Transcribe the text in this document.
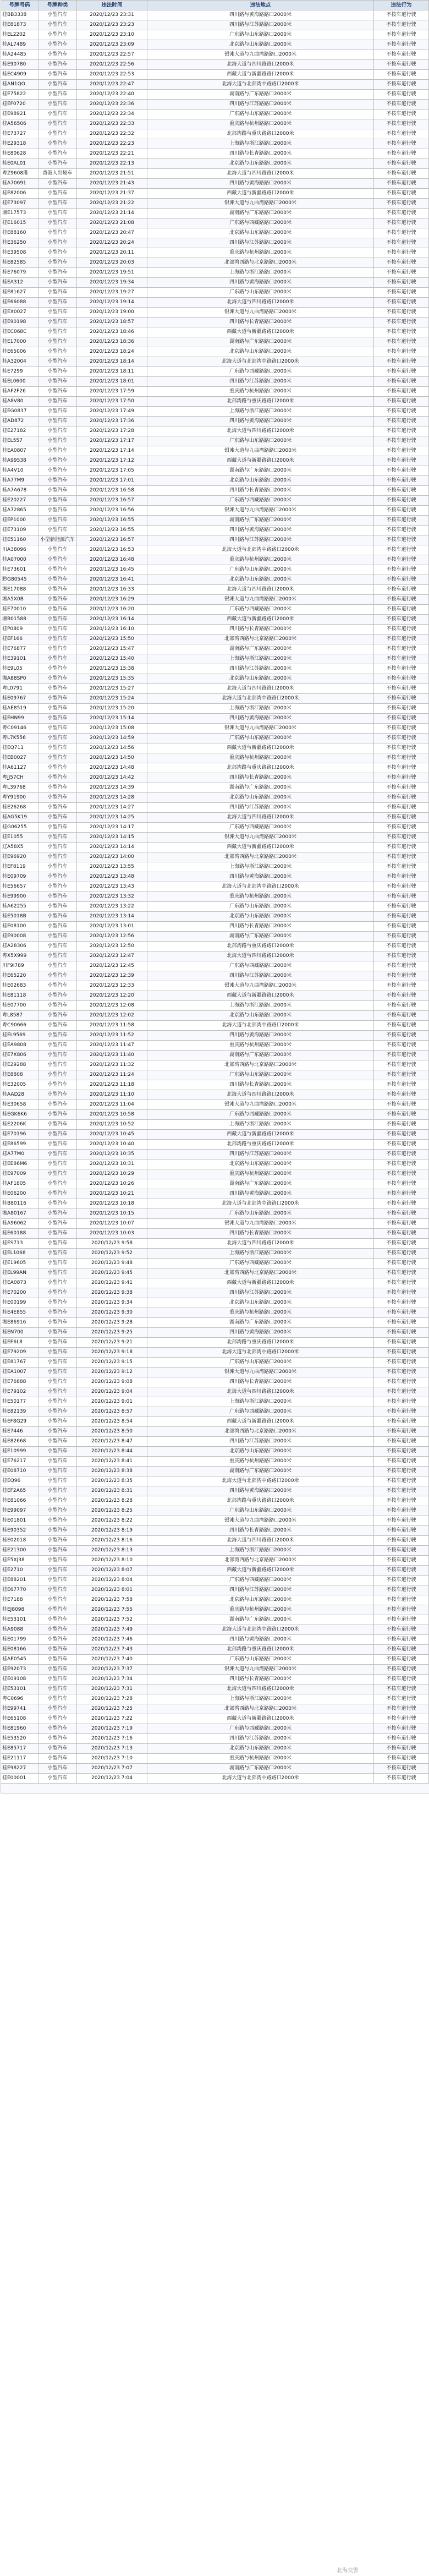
号牌号码	号牌种类	违法时间	违法地点	违法行为
桂BB3338	小型汽车	2020/12/23 23:31	四川路与黄海路路口2000米	不按车道行驶
桂E81873	小型汽车	2020/12/23 23:23	四川路与江苏路路口2000米	不按车道行驶
桂EL2202	小型汽车	2020/12/23 23:10	广东路与山东路路口2000米	不按车道行驶
桂AL7489	小型汽车	2020/12/23 23:09	北京路与山东路路口2000米	不按车道行驶
桂A24485	小型汽车	2020/12/23 22:57	银滩大道与九曲湾路路口2000米	不按车道行驶
桂E90780	小型汽车	2020/12/23 22:56	北海大道与四川路路口2000米	不按车道行驶
桂EC4909	小型汽车	2020/12/23 22:53	西藏大道与新疆路路口2000米	不按车道行驶
桂AN1QO	小型汽车	2020/12/23 22:47	北海大道与北部湾中路路口2000米	不按车道行驶
桂E75822	小型汽车	2020/12/23 22:40	湖南路与广东路路口2000米	不按车道行驶
桂EF0720	小型汽车	2020/12/23 22:36	四川路与江苏路路口2000米	不按车道行驶
桂E98921	小型汽车	2020/12/23 22:34	广东路与山东路路口2000米	不按车道行驶
桂A56506	小型汽车	2020/12/23 22:33	重庆路与杭州路路口2000米	不按车道行驶
桂E73727	小型汽车	2020/12/23 22:32	北部湾路与重庆路路口2000米	不按车道行驶
桂E29318	小型汽车	2020/12/23 22:23	上海路与浙江路路口2000米	不按车道行驶
桂E80628	小型汽车	2020/12/23 22:21	四川路与长青路路口2000米	不按车道行驶
桂E0AL01	小型汽车	2020/12/23 22:13	北京路与山东路路口2000米	不按车道行驶
粤Z9608港	香港入出境车	2020/12/23 21:51	北海大道与四川路路口2000米	不按车道行驶
桂A70691	小型汽车	2020/12/23 21:43	四川路与黄海路路口2000米	不按车道行驶
桂E82006	小型汽车	2020/12/23 21:37	西藏大道与新疆路路口2000米	不按车道行驶
桂E73097	小型汽车	2020/12/23 21:22	银滩大道与九曲湾路路口2000米	不按车道行驶
湘E17573	小型汽车	2020/12/23 21:14	湖南路与广东路路口2000米	不按车道行驶
桂E16015	小型汽车	2020/12/23 21:08	广东路与西藏路路口2000米	不按车道行驶
桂E88160	小型汽车	2020/12/23 20:47	北京路与山东路路口2000米	不按车道行驶
桂E36250	小型汽车	2020/12/23 20:24	四川路与江苏路路口2000米	不按车道行驶
桂E39508	小型汽车	2020/12/23 20:11	重庆路与杭州路路口2000米	不按车道行驶
桂E82585	小型汽车	2020/12/23 20:03	北部湾西路与北京路路口2000米	不按车道行驶
桂E76079	小型汽车	2020/12/23 19:51	上海路与浙江路路口2000米	不按车道行驶
桂EA312	小型汽车	2020/12/23 19:34	四川路与黄海路路口2000米	不按车道行驶
桂E81627	小型汽车	2020/12/23 19:27	广东路与山东路路口2000米	不按车道行驶
桂E66088	小型汽车	2020/12/23 19:14	北海大道与四川路路口2000米	不按车道行驶
桂EX0027	小型汽车	2020/12/23 19:00	银滩大道与九曲湾路路口2000米	不按车道行驶
桂E90198	小型汽车	2020/12/23 18:57	四川路与长青路路口2000米	不按车道行驶
桂EC068C	小型汽车	2020/12/23 18:46	西藏大道与新疆路路口2000米	不按车道行驶
桂E17000	小型汽车	2020/12/23 18:36	湖南路与广东路路口2000米	不按车道行驶
桂E65006	小型汽车	2020/12/23 18:24	北京路与山东路路口2000米	不按车道行驶
桂A32004	小型汽车	2020/12/23 18:14	北海大道与北部湾中路路口2000米	不按车道行驶
桂E7299	小型汽车	2020/12/23 18:11	广东路与西藏路路口2000米	不按车道行驶
桂EL0600	小型汽车	2020/12/23 18:01	四川路与江苏路路口2000米	不按车道行驶
桂AF2F26	小型汽车	2020/12/23 17:59	重庆路与杭州路路口2000米	不按车道行驶
桂A8V80	小型汽车	2020/12/23 17:50	北部湾路与重庆路路口2000米	不按车道行驶
桂EG0837	小型汽车	2020/12/23 17:49	上海路与浙江路路口2000米	不按车道行驶
桂AD872	小型汽车	2020/12/23 17:36	四川路与黄海路路口2000米	不按车道行驶
桂E27182	小型汽车	2020/12/23 17:28	北海大道与四川路路口2000米	不按车道行驶
桂EL557	小型汽车	2020/12/23 17:17	广东路与山东路路口2000米	不按车道行驶
桂EA0807	小型汽车	2020/12/23 17:14	银滩大道与九曲湾路路口2000米	不按车道行驶
桂A99538	小型汽车	2020/12/23 17:12	西藏大道与新疆路路口2000米	不按车道行驶
桂A4V10	小型汽车	2020/12/23 17:05	湖南路与广东路路口2000米	不按车道行驶
桂A77M9	小型汽车	2020/12/23 17:01	北京路与山东路路口2000米	不按车道行驶
桂A7A678	小型汽车	2020/12/23 16:58	四川路与长青路路口2000米	不按车道行驶
桂E20227	小型汽车	2020/12/23 16:57	广东路与西藏路路口2000米	不按车道行驶
桂A72865	小型汽车	2020/12/23 16:56	银滩大道与九曲湾路路口2000米	不按车道行驶
桂EP1000	小型汽车	2020/12/23 16:55	湖南路与广东路路口2000米	不按车道行驶
桂E73109	小型汽车	2020/12/23 16:55	四川路与黄海路路口2000米	不按车道行驶
桂E51160	小型新能源汽车	2020/12/23 16:57	四川路与江苏路路口2000米	不按车道行驶
川A38096	小型汽车	2020/12/23 16:53	北海大道与北部湾中路路口2000米	不按车道行驶
桂A07000	小型汽车	2020/12/23 16:48	重庆路与杭州路路口2000米	不按车道行驶
桂E73601	小型汽车	2020/12/23 16:45	广东路与山东路路口2000米	不按车道行驶
黔G80545	小型汽车	2020/12/23 16:41	北京路与山东路路口2000米	不按车道行驶
湘E17088	小型汽车	2020/12/23 16:33	北海大道与四川路路口2000米	不按车道行驶
湘A5X0B	小型汽车	2020/12/23 16:29	银滩大道与九曲湾路路口2000米	不按车道行驶
桂E70010	小型汽车	2020/12/23 16:20	广东路与西藏路路口2000米	不按车道行驶
湘B01588	小型汽车	2020/12/23 16:14	西藏大道与新疆路路口2000米	不按车道行驶
桂P0809	小型汽车	2020/12/23 16:10	四川路与长青路路口2000米	不按车道行驶
桂EF166	小型汽车	2020/12/23 15:50	北部湾西路与北京路路口2000米	不按车道行驶
桂E76877	小型汽车	2020/12/23 15:47	湖南路与广东路路口2000米	不按车道行驶
桂E39101	小型汽车	2020/12/23 15:40	上海路与浙江路路口2000米	不按车道行驶
桂E9L05	小型汽车	2020/12/23 15:38	四川路与江苏路路口2000米	不按车道行驶
湘A88SP0	小型汽车	2020/12/23 15:35	北京路与山东路路口2000米	不按车道行驶
粤L0791	小型汽车	2020/12/23 15:27	北海大道与四川路路口2000米	不按车道行驶
桂E09767	小型汽车	2020/12/23 15:24	北海大道与北部湾中路路口2000米	不按车道行驶
桂AE8519	小型汽车	2020/12/23 15:20	上海路与浙江路路口2000米	不按车道行驶
桂EHN99	小型汽车	2020/12/23 15:14	四川路与黄海路路口2000米	不按车道行驶
粤C09146	小型汽车	2020/12/23 15:08	银滩大道与九曲湾路路口2000米	不按车道行驶
粤L7K556	小型汽车	2020/12/23 14:59	广东路与山东路路口2000米	不按车道行驶
桂EQ711	小型汽车	2020/12/23 14:56	西藏大道与新疆路路口2000米	不按车道行驶
桂EB0027	小型汽车	2020/12/23 14:50	重庆路与杭州路路口2000米	不按车道行驶
桂A61127	小型汽车	2020/12/23 14:48	北部湾路与重庆路路口2000米	不按车道行驶
粤JJ57CH	小型汽车	2020/12/23 14:42	四川路与长青路路口2000米	不按车道行驶
粤L39768	小型汽车	2020/12/23 14:39	湖南路与广东路路口2000米	不按车道行驶
粤Y91900	小型汽车	2020/12/23 14:28	北京路与山东路路口2000米	不按车道行驶
桂E26268	小型汽车	2020/12/23 14:27	四川路与江苏路路口2000米	不按车道行驶
桂AG5K19	小型汽车	2020/12/23 14:25	北海大道与四川路路口2000米	不按车道行驶
桂G06255	小型汽车	2020/12/23 14:17	广东路与西藏路路口2000米	不按车道行驶
桂E1055	小型汽车	2020/12/23 14:15	银滩大道与九曲湾路路口2000米	不按车道行驶
辽A58X5	小型汽车	2020/12/23 14:14	西藏大道与新疆路路口2000米	不按车道行驶
桂E96920	小型汽车	2020/12/23 14:00	北部湾西路与北京路路口2000米	不按车道行驶
桂EF8119	小型汽车	2020/12/23 13:55	上海路与浙江路路口2000米	不按车道行驶
桂E09709	小型汽车	2020/12/23 13:48	四川路与黄海路路口2000米	不按车道行驶
桂E56657	小型汽车	2020/12/23 13:43	北海大道与北部湾中路路口2000米	不按车道行驶
桂E99900	小型汽车	2020/12/23 13:32	重庆路与杭州路路口2000米	不按车道行驶
桂A62255	小型汽车	2020/12/23 13:22	广东路与山东路路口2000米	不按车道行驶
桂E5018B	小型汽车	2020/12/23 13:14	北京路与山东路路口2000米	不按车道行驶
桂E08100	小型汽车	2020/12/23 13:01	四川路与长青路路口2000米	不按车道行驶
桂E90008	小型汽车	2020/12/23 12:56	湖南路与广东路路口2000米	不按车道行驶
桂A28306	小型汽车	2020/12/23 12:50	北部湾路与重庆路路口2000米	不按车道行驶
粤X5X999	小型汽车	2020/12/23 12:47	北海大道与四川路路口2000米	不按车道行驶
川F9I789	小型汽车	2020/12/23 12:45	广东路与西藏路路口2000米	不按车道行驶
桂E65220	小型汽车	2020/12/23 12:39	四川路与江苏路路口2000米	不按车道行驶
桂E02683	小型汽车	2020/12/23 12:33	银滩大道与九曲湾路路口2000米	不按车道行驶
桂E81118	小型汽车	2020/12/23 12:20	西藏大道与新疆路路口2000米	不按车道行驶
桂E07700	小型汽车	2020/12/23 12:08	上海路与浙江路路口2000米	不按车道行驶
粤L8587	小型汽车	2020/12/23 12:02	北京路与山东路路口2000米	不按车道行驶
粤C90666	小型汽车	2020/12/23 11:58	北海大道与北部湾中路路口2000米	不按车道行驶
桂EL9569	小型汽车	2020/12/23 11:52	四川路与黄海路路口2000米	不按车道行驶
桂EA9808	小型汽车	2020/12/23 11:47	重庆路与杭州路路口2000米	不按车道行驶
桂E7X806	小型汽车	2020/12/23 11:40	湖南路与广东路路口2000米	不按车道行驶
桂E29288	小型汽车	2020/12/23 11:32	北部湾西路与北京路路口2000米	不按车道行驶
桂E8808	小型汽车	2020/12/23 11:24	广东路与山东路路口2000米	不按车道行驶
桂E32005	小型汽车	2020/12/23 11:18	四川路与长青路路口2000米	不按车道行驶
桂AAD28	小型汽车	2020/12/23 11:10	北海大道与四川路路口2000米	不按车道行驶
桂E30658	小型汽车	2020/12/23 11:04	银滩大道与九曲湾路路口2000米	不按车道行驶
桂EGK6K6	小型汽车	2020/12/23 10:58	广东路与西藏路路口2000米	不按车道行驶
桂E2206K	小型汽车	2020/12/23 10:52	上海路与浙江路路口2000米	不按车道行驶
桂E70196	小型汽车	2020/12/23 10:45	西藏大道与新疆路路口2000米	不按车道行驶
桂E86599	小型汽车	2020/12/23 10:40	北部湾路与重庆路路口2000米	不按车道行驶
桂A77M0	小型汽车	2020/12/23 10:35	四川路与江苏路路口2000米	不按车道行驶
桂EE86M6	小型汽车	2020/12/23 10:31	北京路与山东路路口2000米	不按车道行驶
桂E97009	小型汽车	2020/12/23 10:29	重庆路与杭州路路口2000米	不按车道行驶
桂AF1805	小型汽车	2020/12/23 10:26	湖南路与广东路路口2000米	不按车道行驶
桂E06200	小型汽车	2020/12/23 10:21	四川路与黄海路路口2000米	不按车道行驶
桂B80116	小型汽车	2020/12/23 10:18	北海大道与北部湾中路路口2000米	不按车道行驶
湘A80167	小型汽车	2020/12/23 10:15	广东路与山东路路口2000米	不按车道行驶
桂A96062	小型汽车	2020/12/23 10:07	银滩大道与九曲湾路路口2000米	不按车道行驶
桂E60188	小型汽车	2020/12/23 10:03	四川路与长青路路口2000米	不按车道行驶
桂ES713	小型汽车	2020/12/23 9:58	北海大道与四川路路口2000米	不按车道行驶
桂EL1068	小型汽车	2020/12/23 9:52	上海路与浙江路路口2000米	不按车道行驶
桂E19605	小型汽车	2020/12/23 9:48	广东路与西藏路路口2000米	不按车道行驶
桂EL99AN	小型汽车	2020/12/23 9:45	北部湾西路与北京路路口2000米	不按车道行驶
桂EA0873	小型汽车	2020/12/23 9:41	西藏大道与新疆路路口2000米	不按车道行驶
桂E70200	小型汽车	2020/12/23 9:38	四川路与江苏路路口2000米	不按车道行驶
桂E00199	小型汽车	2020/12/23 9:34	北京路与山东路路口2000米	不按车道行驶
桂E4E855	小型汽车	2020/12/23 9:30	重庆路与杭州路路口2000米	不按车道行驶
湘E86916	小型汽车	2020/12/23 9:28	湖南路与广东路路口2000米	不按车道行驶
桂EN700	小型汽车	2020/12/23 9:25	四川路与黄海路路口2000米	不按车道行驶
桂EE6L8	小型汽车	2020/12/23 9:21	北部湾路与重庆路路口2000米	不按车道行驶
桂E79209	小型汽车	2020/12/23 9:18	北海大道与北部湾中路路口2000米	不按车道行驶
桂E81767	小型汽车	2020/12/23 9:15	广东路与山东路路口2000米	不按车道行驶
桂EA1007	小型汽车	2020/12/23 9:12	银滩大道与九曲湾路路口2000米	不按车道行驶
桂E76888	小型汽车	2020/12/23 9:08	四川路与长青路路口2000米	不按车道行驶
桂E79102	小型汽车	2020/12/23 9:04	北海大道与四川路路口2000米	不按车道行驶
桂E50177	小型汽车	2020/12/23 9:01	上海路与浙江路路口2000米	不按车道行驶
桂E82139	小型汽车	2020/12/23 8:57	广东路与西藏路路口2000米	不按车道行驶
桂EF8G29	小型汽车	2020/12/23 8:54	西藏大道与新疆路路口2000米	不按车道行驶
桂E7446	小型汽车	2020/12/23 8:50	北部湾西路与北京路路口2000米	不按车道行驶
桂E82668	小型汽车	2020/12/23 8:47	四川路与江苏路路口2000米	不按车道行驶
桂E10999	小型汽车	2020/12/23 8:44	北京路与山东路路口2000米	不按车道行驶
桂E76217	小型汽车	2020/12/23 8:41	重庆路与杭州路路口2000米	不按车道行驶
桂E08710	小型汽车	2020/12/23 8:38	湖南路与广东路路口2000米	不按车道行驶
桂EQ96	小型汽车	2020/12/23 8:35	北海大道与北部湾中路路口2000米	不按车道行驶
桂EF2A65	小型汽车	2020/12/23 8:31	四川路与黄海路路口2000米	不按车道行驶
桂E81066	小型汽车	2020/12/23 8:28	北部湾路与重庆路路口2000米	不按车道行驶
桂E99097	小型汽车	2020/12/23 8:25	广东路与山东路路口2000米	不按车道行驶
桂E01801	小型汽车	2020/12/23 8:22	银滩大道与九曲湾路路口2000米	不按车道行驶
桂E90352	小型汽车	2020/12/23 8:19	四川路与长青路路口2000米	不按车道行驶
桂E02018	小型汽车	2020/12/23 8:16	北海大道与四川路路口2000米	不按车道行驶
桂E21300	小型汽车	2020/12/23 8:13	上海路与浙江路路口2000米	不按车道行驶
桂E5XJ38	小型汽车	2020/12/23 8:10	北部湾西路与北京路路口2000米	不按车道行驶
桂E2710	小型汽车	2020/12/23 8:07	西藏大道与新疆路路口2000米	不按车道行驶
桂E88201	小型汽车	2020/12/23 8:04	广东路与西藏路路口2000米	不按车道行驶
桂E67770	小型汽车	2020/12/23 8:01	四川路与江苏路路口2000米	不按车道行驶
桂E7188	小型汽车	2020/12/23 7:58	北京路与山东路路口2000米	不按车道行驶
桂EJ8098	小型汽车	2020/12/23 7:55	重庆路与杭州路路口2000米	不按车道行驶
桂E53101	小型汽车	2020/12/23 7:52	湖南路与广东路路口2000米	不按车道行驶
桂A9088	小型汽车	2020/12/23 7:49	北海大道与北部湾中路路口2000米	不按车道行驶
桂E01799	小型汽车	2020/12/23 7:46	四川路与黄海路路口2000米	不按车道行驶
桂E08166	小型汽车	2020/12/23 7:43	北部湾路与重庆路路口2000米	不按车道行驶
桂AE0545	小型汽车	2020/12/23 7:40	广东路与山东路路口2000米	不按车道行驶
桂E92073	小型汽车	2020/12/23 7:37	银滩大道与九曲湾路路口2000米	不按车道行驶
桂E09108	小型汽车	2020/12/23 7:34	四川路与长青路路口2000米	不按车道行驶
桂E53101	小型汽车	2020/12/23 7:31	北海大道与四川路路口2000米	不按车道行驶
粤C0696	小型汽车	2020/12/23 7:28	上海路与浙江路路口2000米	不按车道行驶
桂E99741	小型汽车	2020/12/23 7:25	北部湾西路与北京路路口2000米	不按车道行驶
桂E65108	小型汽车	2020/12/23 7:22	西藏大道与新疆路路口2000米	不按车道行驶
桂E81960	小型汽车	2020/12/23 7:19	广东路与西藏路路口2000米	不按车道行驶
桂E53520	小型汽车	2020/12/23 7:16	四川路与江苏路路口2000米	不按车道行驶
桂E85717	小型汽车	2020/12/23 7:13	北京路与山东路路口2000米	不按车道行驶
桂E21117	小型汽车	2020/12/23 7:10	重庆路与杭州路路口2000米	不按车道行驶
桂E98227	小型汽车	2020/12/23 7:07	湖南路与广东路路口2000米	不按车道行驶
桂E00001	小型汽车	2020/12/23 7:04	北海大道与北部湾中路路口2000米	不按车道行驶
北海交警
